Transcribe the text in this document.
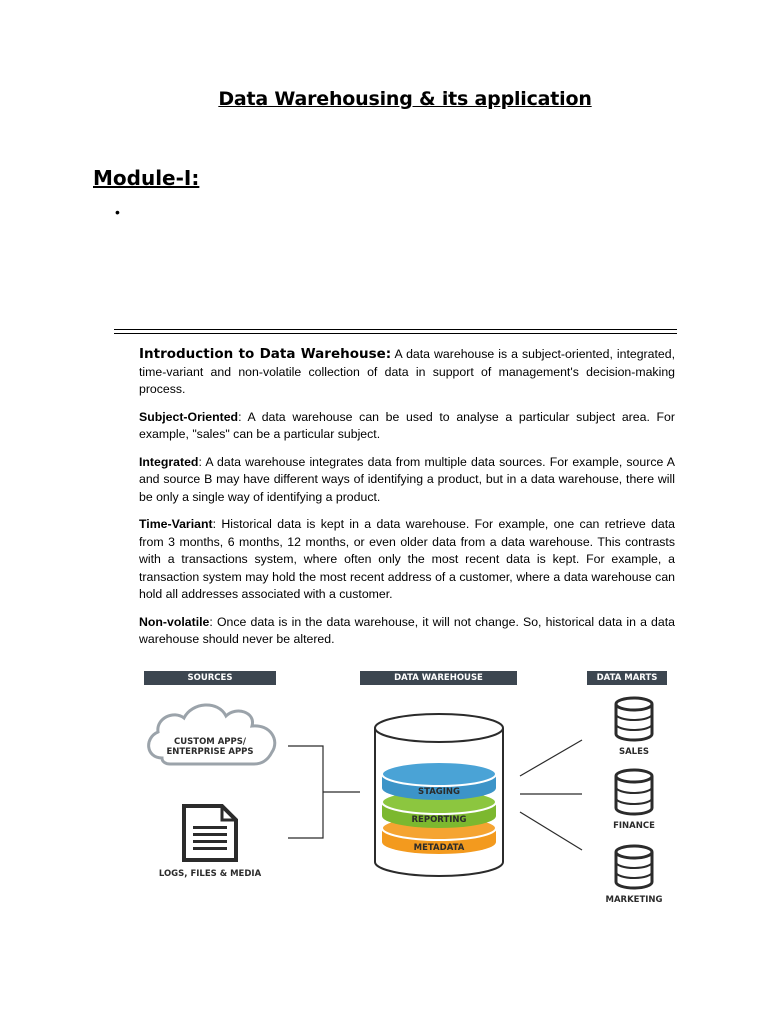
Data Warehousing & its application
Module-I:
•

Introduction to Data Warehouse: A data warehouse is a subject-oriented, integrated, time-variant and non-volatile collection of data in support of management's decision-making process.

Subject-Oriented: A data warehouse can be used to analyse a particular subject area. For example, "sales" can be a particular subject.

Integrated: A data warehouse integrates data from multiple data sources. For example, source A and source B may have different ways of identifying a product, but in a data warehouse, there will be only a single way of identifying a product.

Time-Variant: Historical data is kept in a data warehouse. For example, one can retrieve data from 3 months, 6 months, 12 months, or even older data from a data warehouse. This contrasts with a transactions system, where often only the most recent data is kept. For example, a transaction system may hold the most recent address of a customer, where a data warehouse can hold all addresses associated with a customer.

Non-volatile: Once data is in the data warehouse, it will not change. So, historical data in a data warehouse should never be altered.

SOURCES	DATA WAREHOUSE	DATA MARTS
CUSTOM APPS/
ENTERPRISE APPS
LOGS, FILES & MEDIA
STAGING
REPORTING
METADATA
SALES
FINANCE
MARKETING
